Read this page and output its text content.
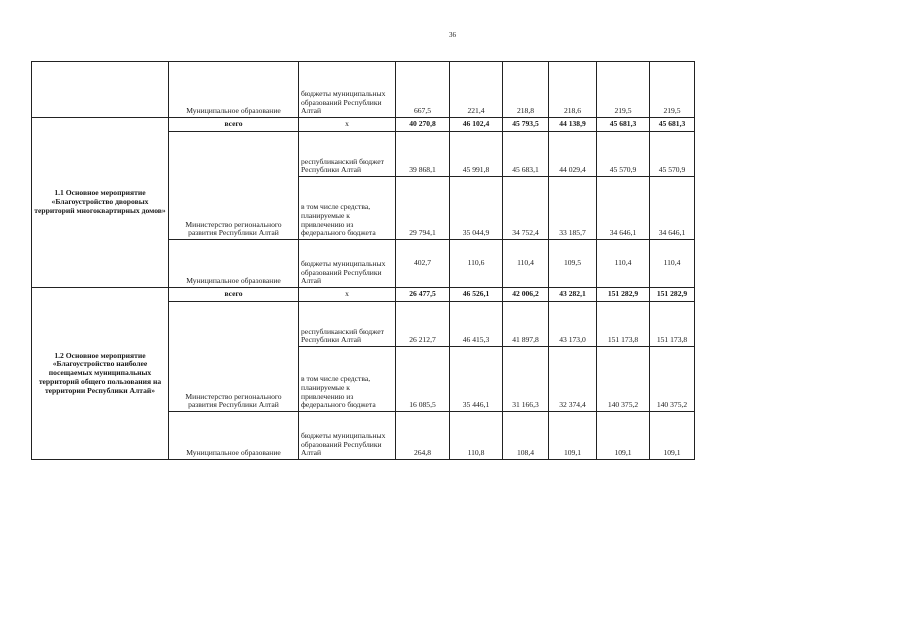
36
	Муниципальное образование	бюджеты муниципальных образований Республики Алтай	667,5	221,4	218,8	218,6	219,5	219,5
1.1 Основное мероприятие «Благоустройство дворовых территорий многоквартирных домов»	всего	x	40 270,8	46 102,4	45 793,5	44 138,9	45 681,3	45 681,3
	Министерство регионального развития Республики Алтай	республиканский бюджет Республики Алтай	39 868,1	45 991,8	45 683,1	44 029,4	45 570,9	45 570,9
		в том числе средства, планируемые к привлечению из федерального бюджета	29 794,1	35 044,9	34 752,4	33 185,7	34 646,1	34 646,1
	Муниципальное образование	бюджеты муниципальных образований Республики Алтай	402,7	110,6	110,4	109,5	110,4	110,4
1.2 Основное мероприятие «Благоустройство наиболее посещаемых муниципальных территорий общего пользования на территории Республики Алтай»	всего	x	26 477,5	46 526,1	42 006,2	43 282,1	151 282,9	151 282,9
	Министерство регионального развития Республики Алтай	республиканский бюджет Республики Алтай	26 212,7	46 415,3	41 897,8	43 173,0	151 173,8	151 173,8
		в том числе средства, планируемые к привлечению из федерального бюджета	16 085,5	35 446,1	31 166,3	32 374,4	140 375,2	140 375,2
	Муниципальное образование	бюджеты муниципальных образований Республики Алтай	264,8	110,8	108,4	109,1	109,1	109,1
